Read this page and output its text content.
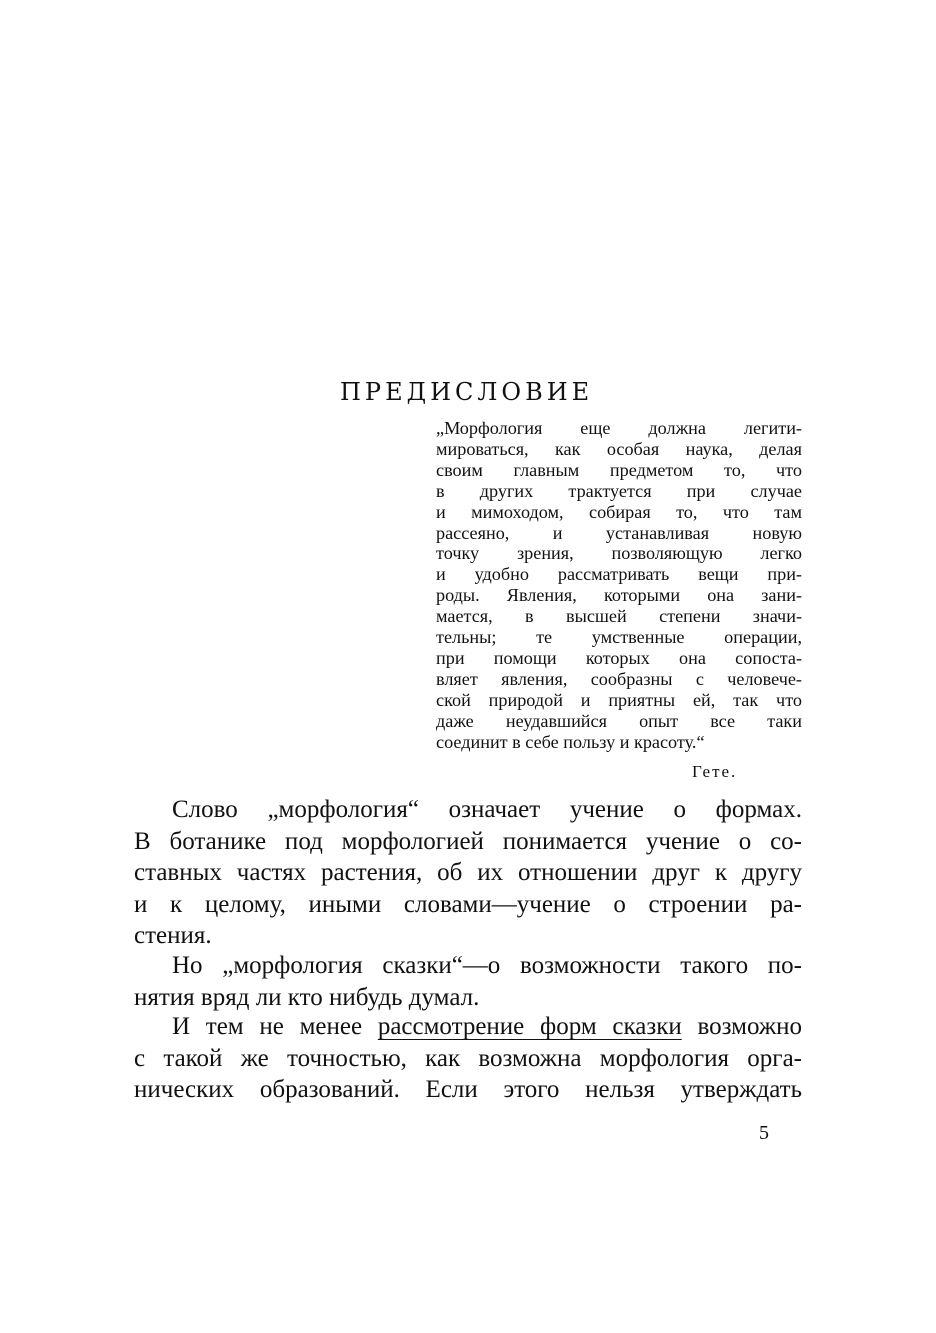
ПРЕДИСЛОВИЕ
„Морфология еще должна легити-
мироваться, как особая наука, делая
своим главным предметом то, что
в других трактуется при случае
и мимоходом, собирая то, что там
рассеяно, и устанавливая новую
точку зрения, позволяющую легко
и удобно рассматривать вещи при-
роды. Явления, которыми она зани-
мается, в высшей степени значи-
тельны; те умственные операции,
при помощи которых она сопоста-
вляет явления, сообразны с человече-
ской природой и приятны ей, так что
даже неудавшийся опыт все таки
соединит в себе пользу и красоту.“
Гете.
Слово „морфология“ означает учение о формах.
В ботанике под морфологией понимается учение о со-
ставных частях растения, об их отношении друг к другу
и к целому, иными словами—учение о строении ра-
стения.
Но „морфология сказки“—о возможности такого по-
нятия вряд ли кто нибудь думал.
И тем не менее рассмотрение форм сказки возможно
с такой же точностью, как возможна морфология орга-
нических образований. Если этого нельзя утверждать
5
